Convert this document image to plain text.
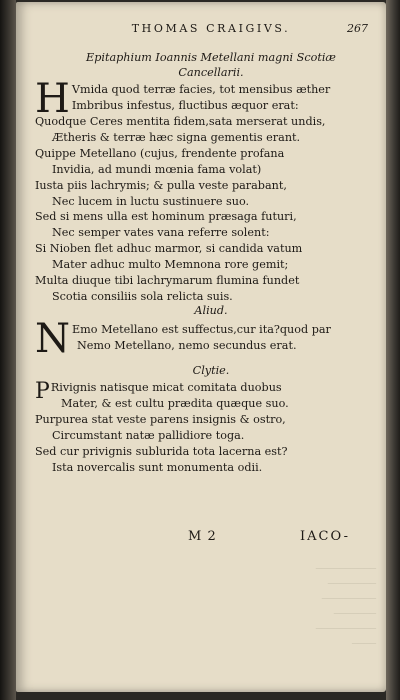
──────────
────────
─────────
───────
──────────
────
THOMAS CRAIGIVS.	267
Epitaphium Ioannis Metellani magni Scotiæ
Cancellarii.
H Vmida quod terræ facies, tot mensibus æther
Imbribus infestus, fluctibus æquor erat:
Quodque Ceres mentita fidem,sata merserat undis,
Ætheris & terræ hæc signa gementis erant.
Quippe Metellano (cujus, frendente profana
Invidia, ad mundi mœnia fama volat)
Iusta piis lachrymis; & pulla veste parabant,
Nec lucem in luctu sustinuere suo.
Sed si mens ulla est hominum præsaga futuri,
Nec semper vates vana referre solent:
Si Nioben flet adhuc marmor, si candida vatum
Mater adhuc multo Memnona rore gemit;
Multa diuque tibi lachrymarum flumina fundet
Scotia consiliis sola relicta suis.
Aliud.
N Emo Metellano est suffectus,cur ita?quod par
Nemo Metellano, nemo secundus erat.
Clytie.
P Rivignis natisque micat comitata duobus
Mater, & est cultu prædita quæque suo.
Purpurea stat veste parens insignis & ostro,
Circumstant natæ pallidiore toga.
Sed cur privignis sublurida tota lacerna est?
Ista novercalis sunt monumenta odii.
M 2	IACO-
